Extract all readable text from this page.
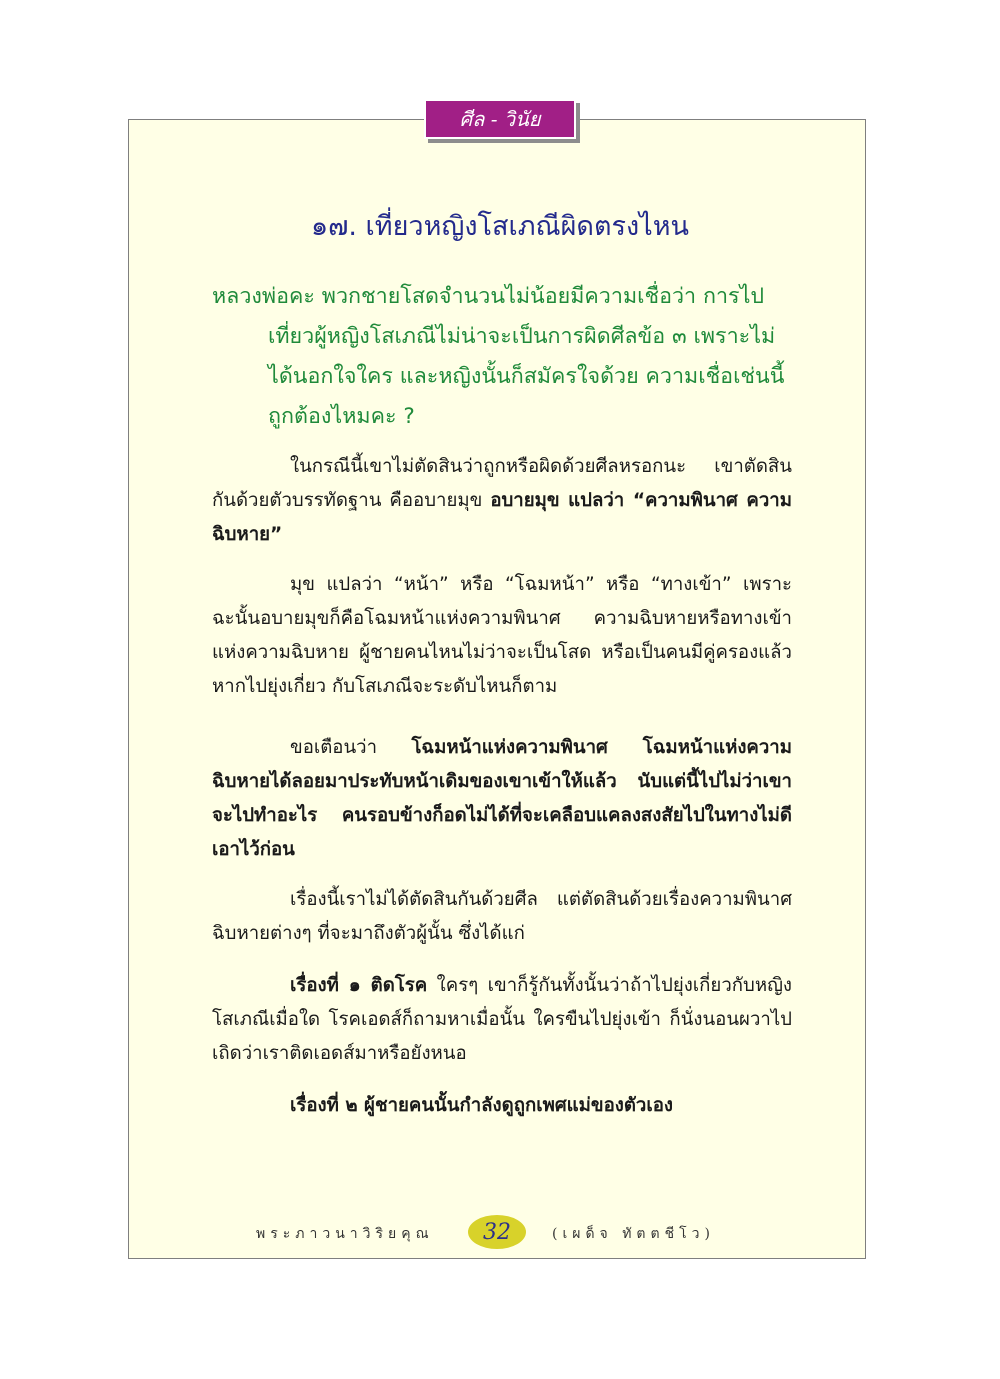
ศีล - วินัย
๑๗. เที่ยวหญิงโสเภณีผิดตรงไหน

หลวงพ่อคะ พวกชายโสดจำนวนไม่น้อยมีความเชื่อว่า การไปเที่ยวผู้หญิงโสเภณีไม่น่าจะเป็นการผิดศีลข้อ ๓ เพราะไม่ได้นอกใจใคร และหญิงนั้นก็สมัครใจด้วย ความเชื่อเช่นนี้ถูกต้องไหมคะ ?

ในกรณีนี้เขาไม่ตัดสินว่าถูกหรือผิดด้วยศีลหรอกนะ เขาตัดสินกันด้วยตัวบรรทัดฐาน คืออบายมุข อบายมุข แปลว่า “ความพินาศ ความฉิบหาย”

มุข แปลว่า “หน้า” หรือ “โฉมหน้า” หรือ “ทางเข้า” เพราะฉะนั้นอบายมุขก็คือโฉมหน้าแห่งความพินาศ ความฉิบหายหรือทางเข้าแห่งความฉิบหาย ผู้ชายคนไหนไม่ว่าจะเป็นโสด หรือเป็นคนมีคู่ครองแล้ว หากไปยุ่งเกี่ยว กับโสเภณีจะระดับไหนก็ตาม

ขอเตือนว่า โฉมหน้าแห่งความพินาศ โฉมหน้าแห่งความฉิบหายได้ลอยมาประทับหน้าเดิมของเขาเข้าให้แล้ว นับแต่นี้ไปไม่ว่าเขาจะไปทำอะไร คนรอบข้างก็อดไม่ได้ที่จะเคลือบแคลงสงสัยไปในทางไม่ดีเอาไว้ก่อน

เรื่องนี้เราไม่ได้ตัดสินกันด้วยศีล แต่ตัดสินด้วยเรื่องความพินาศฉิบหายต่างๆ ที่จะมาถึงตัวผู้นั้น ซึ่งได้แก่

เรื่องที่ ๑ ติดโรค ใครๆ เขาก็รู้กันทั้งนั้นว่าถ้าไปยุ่งเกี่ยวกับหญิงโสเภณีเมื่อใด โรคเอดส์ก็ถามหาเมื่อนั้น ใครขืนไปยุ่งเข้า ก็นั่งนอนผวาไปเถิดว่าเราติดเอดส์มาหรือยังหนอ

เรื่องที่ ๒ ผู้ชายคนนั้นกำลังดูถูกเพศแม่ของตัวเอง

พระภาวนาวิริยคุณ 32	(เผด็จ ทัตตชีโว)
